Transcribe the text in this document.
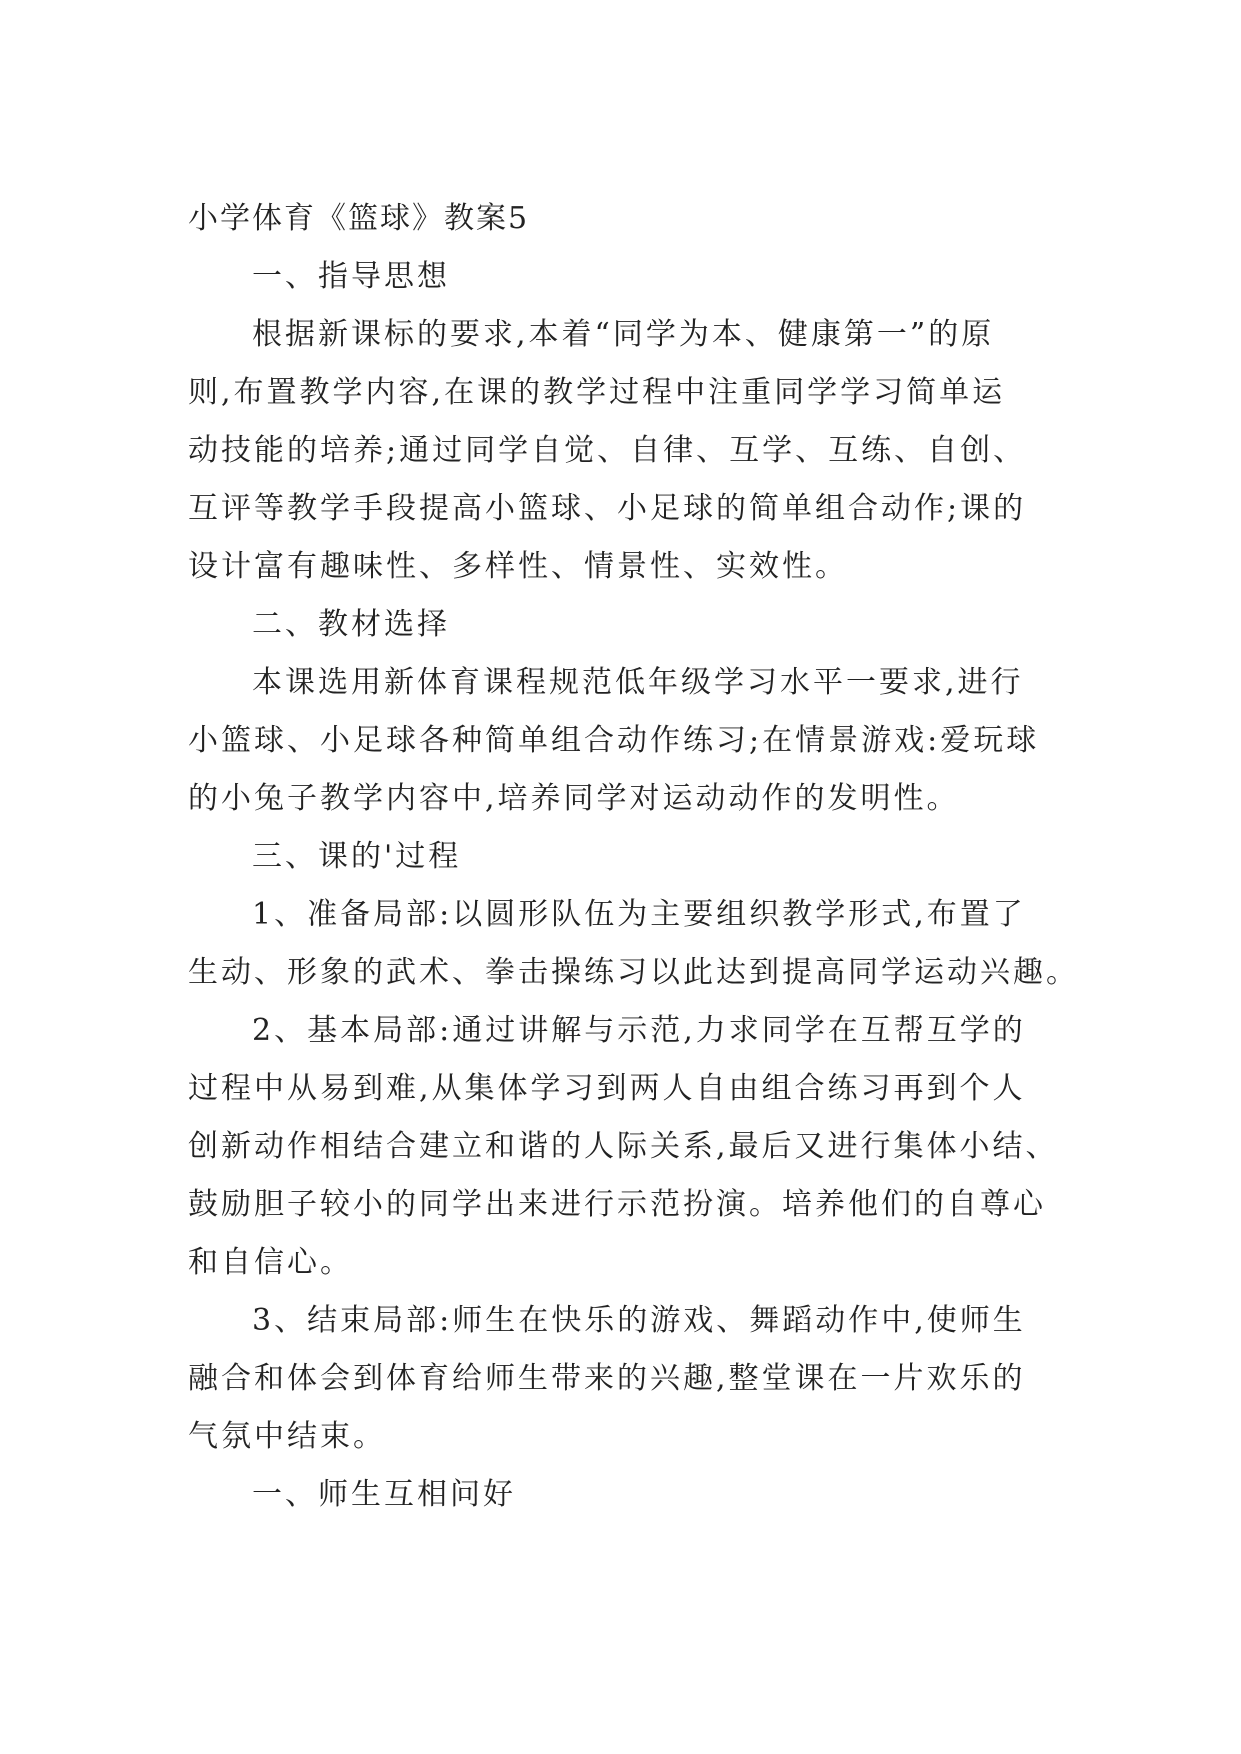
小学体育《篮球》教案5
一、指导思想
根据新课标的要求,本着“同学为本、健康第一”的原
则,布置教学内容,在课的教学过程中注重同学学习简单运
动技能的培养;通过同学自觉、自律、互学、互练、自创、
互评等教学手段提高小篮球、小足球的简单组合动作;课的
设计富有趣味性、多样性、情景性、实效性。
二、教材选择
本课选用新体育课程规范低年级学习水平一要求,进行
小篮球、小足球各种简单组合动作练习;在情景游戏:爱玩球
的小兔子教学内容中,培养同学对运动动作的发明性。
三、课的'过程
1、准备局部:以圆形队伍为主要组织教学形式,布置了
生动、形象的武术、拳击操练习以此达到提高同学运动兴趣。
2、基本局部:通过讲解与示范,力求同学在互帮互学的
过程中从易到难,从集体学习到两人自由组合练习再到个人
创新动作相结合建立和谐的人际关系,最后又进行集体小结、
鼓励胆子较小的同学出来进行示范扮演。培养他们的自尊心
和自信心。
3、结束局部:师生在快乐的游戏、舞蹈动作中,使师生
融合和体会到体育给师生带来的兴趣,整堂课在一片欢乐的
气氛中结束。
一、师生互相问好
